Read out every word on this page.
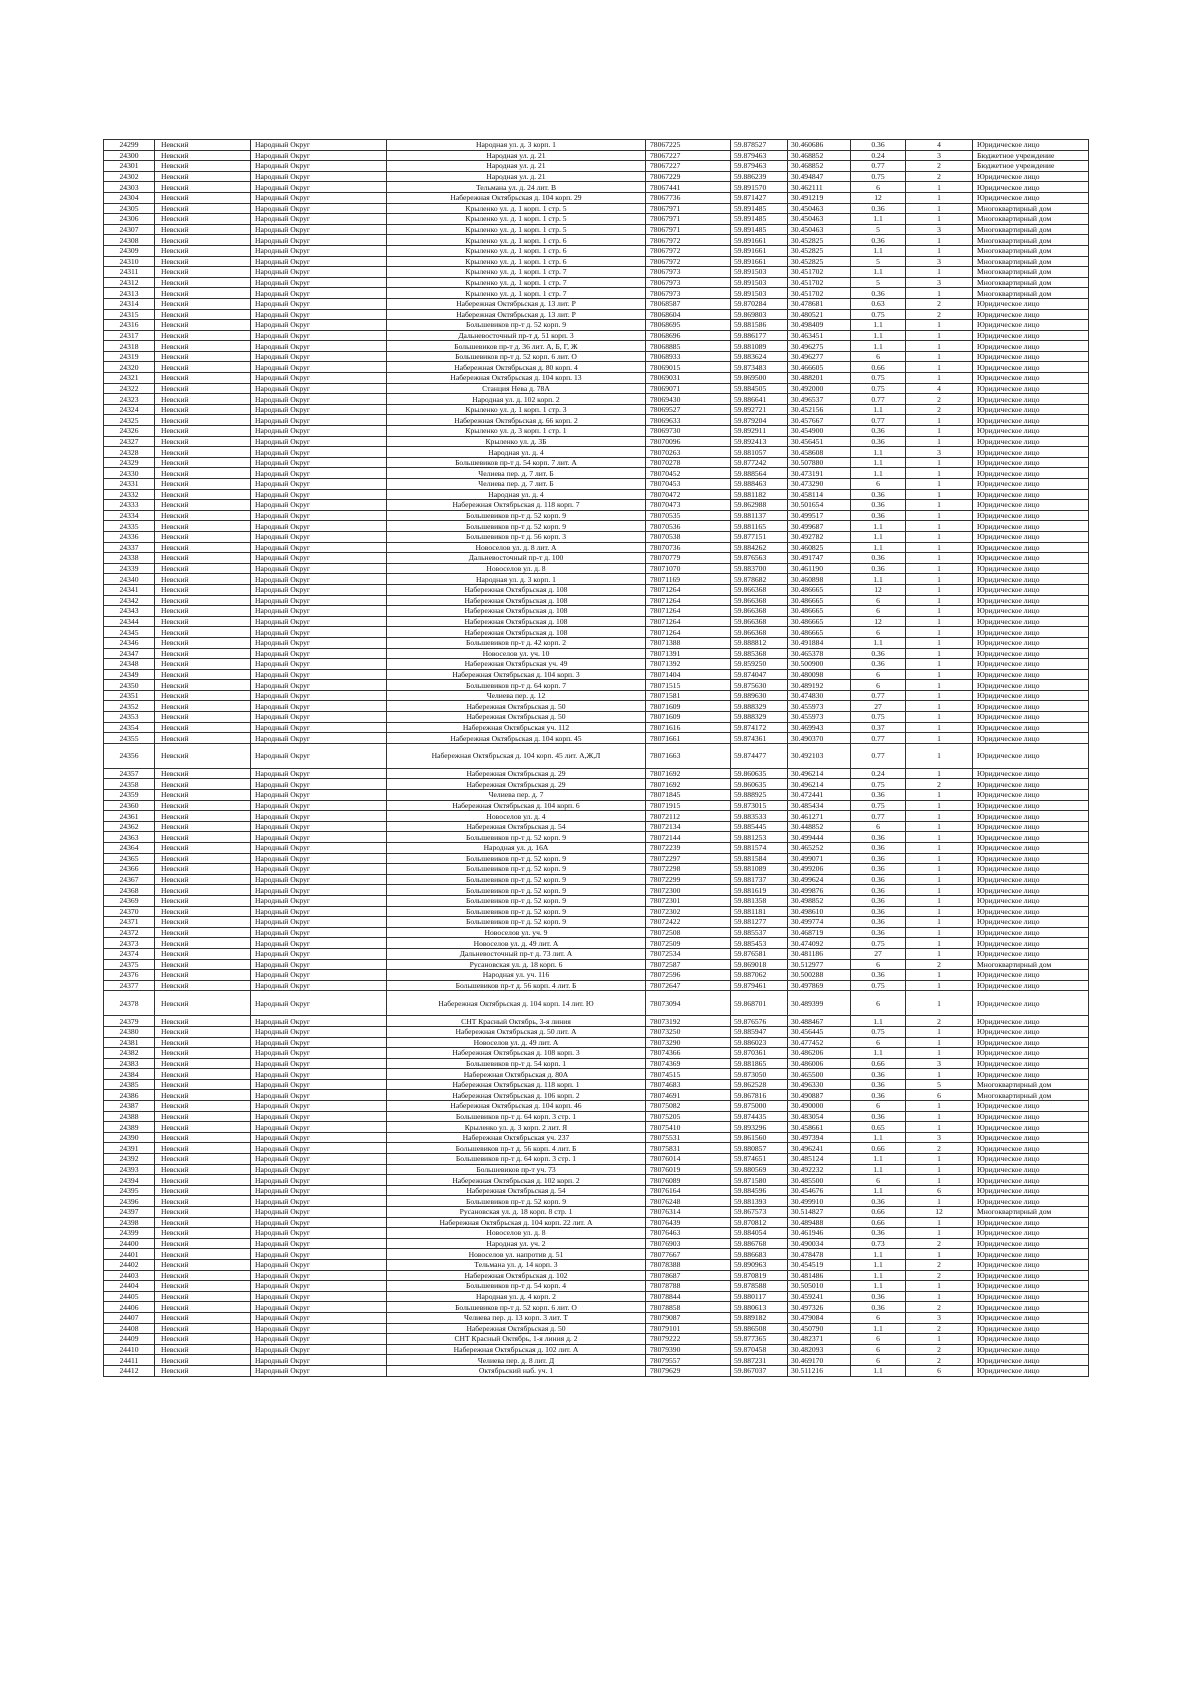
24299	Невский	Народный Округ	Народная ул. д. 3 корп. 1	78067225	59.878527	30.460686	0.36	4	Юридическое лицо
24300	Невский	Народный Округ	Народная ул. д. 21	78067227	59.879463	30.468852	0.24	3	Бюджетное учреждение
24301	Невский	Народный Округ	Народная ул. д. 21	78067227	59.879463	30.468852	0.77	2	Бюджетное учреждение
24302	Невский	Народный Округ	Народная ул. д. 21	78067229	59.886239	30.494847	0.75	2	Юридическое лицо
24303	Невский	Народный Округ	Тельмана ул. д. 24 лит. В	78067441	59.891570	30.462111	6	1	Юридическое лицо
24304	Невский	Народный Округ	Набережная Октябрьская д. 104 корп. 29	78067736	59.871427	30.491219	12	1	Юридическое лицо
24305	Невский	Народный Округ	Крыленко ул. д. 1 корп. 1 стр. 5	78067971	59.891485	30.450463	0.36	1	Многоквартирный дом
24306	Невский	Народный Округ	Крыленко ул. д. 1 корп. 1 стр. 5	78067971	59.891485	30.450463	1.1	1	Многоквартирный дом
24307	Невский	Народный Округ	Крыленко ул. д. 1 корп. 1 стр. 5	78067971	59.891485	30.450463	5	3	Многоквартирный дом
24308	Невский	Народный Округ	Крыленко ул. д. 1 корп. 1 стр. 6	78067972	59.891661	30.452825	0.36	1	Многоквартирный дом
24309	Невский	Народный Округ	Крыленко ул. д. 1 корп. 1 стр. 6	78067972	59.891661	30.452825	1.1	1	Многоквартирный дом
24310	Невский	Народный Округ	Крыленко ул. д. 1 корп. 1 стр. 6	78067972	59.891661	30.452825	5	3	Многоквартирный дом
24311	Невский	Народный Округ	Крыленко ул. д. 1 корп. 1 стр. 7	78067973	59.891503	30.451702	1.1	1	Многоквартирный дом
24312	Невский	Народный Округ	Крыленко ул. д. 1 корп. 1 стр. 7	78067973	59.891503	30.451702	5	3	Многоквартирный дом
24313	Невский	Народный Округ	Крыленко ул. д. 1 корп. 1 стр. 7	78067973	59.891503	30.451702	0.36	1	Многоквартирный дом
24314	Невский	Народный Округ	Набережная Октябрьская д. 13 лит. Р	78068587	59.870284	30.478681	0.63	2	Юридическое лицо
24315	Невский	Народный Округ	Набережная Октябрьская д. 13 лит. Р	78068604	59.869803	30.480521	0.75	2	Юридическое лицо
24316	Невский	Народный Округ	Большевиков пр-т д. 52 корп. 9	78068695	59.881586	30.498409	1.1	1	Юридическое лицо
24317	Невский	Народный Округ	Дальневосточный пр-т д. 51 корп. 3	78068696	59.886177	30.463451	1.1	1	Юридическое лицо
24318	Невский	Народный Округ	Большевиков пр-т д. 36 лит. А, Б, Г, Ж	78068885	59.881089	30.496275	1.1	1	Юридическое лицо
24319	Невский	Народный Округ	Большевиков пр-т д. 52 корп. 6 лит. О	78068933	59.883624	30.496277	6	1	Юридическое лицо
24320	Невский	Народный Округ	Набережная Октябрьская д. 80 корп. 4	78069015	59.873483	30.466605	0.66	1	Юридическое лицо
24321	Невский	Народный Округ	Набережная Октябрьская д. 104 корп. 13	78069031	59.869500	30.488201	0.75	1	Юридическое лицо
24322	Невский	Народный Округ	Станция Нева д. 78А	78069071	59.884505	30.492000	0.75	4	Юридическое лицо
24323	Невский	Народный Округ	Народная ул. д. 102 корп. 2	78069430	59.886641	30.496537	0.77	2	Юридическое лицо
24324	Невский	Народный Округ	Крыленко ул. д. 1 корп. 1 стр. 3	78069527	59.892721	30.452156	1.1	2	Юридическое лицо
24325	Невский	Народный Округ	Набережная Октябрьская д. 66 корп. 2	78069633	59.879204	30.457667	0.77	1	Юридическое лицо
24326	Невский	Народный Округ	Крыленко ул. д. 3 корп. 1 стр. 1	78069730	59.892911	30.454900	0.36	1	Юридическое лицо
24327	Невский	Народный Округ	Крыленко ул. д. 3Б	78070096	59.892413	30.456451	0.36	1	Юридическое лицо
24328	Невский	Народный Округ	Народная ул. д. 4	78070263	59.881057	30.458608	1.1	3	Юридическое лицо
24329	Невский	Народный Округ	Большевиков пр-т д. 54 корп. 7 лит. А	78070278	59.877242	30.507880	1.1	1	Юридическое лицо
24330	Невский	Народный Округ	Челиева пер. д. 7 лит. Б	78070452	59.888564	30.473191	1.1	1	Юридическое лицо
24331	Невский	Народный Округ	Челиева пер. д. 7 лит. Б	78070453	59.888463	30.473290	6	1	Юридическое лицо
24332	Невский	Народный Округ	Народная ул. д. 4	78070472	59.881182	30.458114	0.36	1	Юридическое лицо
24333	Невский	Народный Округ	Набережная Октябрьская д. 118 корп. 7	78070473	59.862988	30.501654	0.36	1	Юридическое лицо
24334	Невский	Народный Округ	Большевиков пр-т д. 52 корп. 9	78070535	59.881137	30.499517	0.36	1	Юридическое лицо
24335	Невский	Народный Округ	Большевиков пр-т д. 52 корп. 9	78070536	59.881165	30.499687	1.1	1	Юридическое лицо
24336	Невский	Народный Округ	Большевиков пр-т д. 56 корп. 3	78070538	59.877151	30.492782	1.1	1	Юридическое лицо
24337	Невский	Народный Округ	Новоселов ул. д. 8 лит. А	78070736	59.884262	30.460825	1.1	1	Юридическое лицо
24338	Невский	Народный Округ	Дальневосточный пр-т д. 100	78070779	59.876563	30.491747	0.36	1	Юридическое лицо
24339	Невский	Народный Округ	Новоселов ул. д. 8	78071070	59.883700	30.461190	0.36	1	Юридическое лицо
24340	Невский	Народный Округ	Народная ул. д. 3 корп. 1	78071169	59.878682	30.460898	1.1	1	Юридическое лицо
24341	Невский	Народный Округ	Набережная Октябрьская д. 108	78071264	59.866368	30.486665	12	1	Юридическое лицо
24342	Невский	Народный Округ	Набережная Октябрьская д. 108	78071264	59.866368	30.486665	6	1	Юридическое лицо
24343	Невский	Народный Округ	Набережная Октябрьская д. 108	78071264	59.866368	30.486665	6	1	Юридическое лицо
24344	Невский	Народный Округ	Набережная Октябрьская д. 108	78071264	59.866368	30.486665	12	1	Юридическое лицо
24345	Невский	Народный Округ	Набережная Октябрьская д. 108	78071264	59.866368	30.486665	6	1	Юридическое лицо
24346	Невский	Народный Округ	Большевиков пр-т д. 42 корп. 2	78071388	59.888812	30.491884	1.1	1	Юридическое лицо
24347	Невский	Народный Округ	Новоселов ул. уч. 10	78071391	59.885368	30.465378	0.36	1	Юридическое лицо
24348	Невский	Народный Округ	Набережная Октябрьская уч. 49	78071392	59.859250	30.500900	0.36	1	Юридическое лицо
24349	Невский	Народный Округ	Набережная Октябрьская д. 104 корп. 3	78071404	59.874047	30.480098	6	1	Юридическое лицо
24350	Невский	Народный Округ	Большевиков пр-т д. 64 корп. 7	78071515	59.875630	30.489192	6	1	Юридическое лицо
24351	Невский	Народный Округ	Челиева пер. д. 12	78071581	59.889630	30.474830	0.77	1	Юридическое лицо
24352	Невский	Народный Округ	Набережная Октябрьская д. 50	78071609	59.888329	30.455973	27	1	Юридическое лицо
24353	Невский	Народный Округ	Набережная Октябрьская д. 50	78071609	59.888329	30.455973	0.75	1	Юридическое лицо
24354	Невский	Народный Округ	Набережная Октябрьская уч. 112	78071616	59.874172	30.469943	0.37	1	Юридическое лицо
24355	Невский	Народный Округ	Набережная Октябрьская д. 104 корп. 45	78071661	59.874361	30.490370	0.77	1	Юридическое лицо
24356	Невский	Народный Округ	Набережная Октябрьская д. 104 корп. 45 лит. А,Ж,Л	78071663	59.874477	30.492103	0.77	1	Юридическое лицо
24357	Невский	Народный Округ	Набережная Октябрьская д. 29	78071692	59.860635	30.496214	0.24	1	Юридическое лицо
24358	Невский	Народный Округ	Набережная Октябрьская д. 29	78071692	59.860635	30.496214	0.75	2	Юридическое лицо
24359	Невский	Народный Округ	Челиева пер. д. 7	78071845	59.888925	30.472441	0.36	1	Юридическое лицо
24360	Невский	Народный Округ	Набережная Октябрьская д. 104 корп. 6	78071915	59.873015	30.485434	0.75	1	Юридическое лицо
24361	Невский	Народный Округ	Новоселов ул. д. 4	78072112	59.883533	30.461271	0.77	1	Юридическое лицо
24362	Невский	Народный Округ	Набережная Октябрьская д. 54	78072134	59.885445	30.448852	6	1	Юридическое лицо
24363	Невский	Народный Округ	Большевиков пр-т д. 52 корп. 9	78072144	59.881253	30.499444	0.36	1	Юридическое лицо
24364	Невский	Народный Округ	Народная ул. д. 16А	78072239	59.881574	30.465252	0.36	1	Юридическое лицо
24365	Невский	Народный Округ	Большевиков пр-т д. 52 корп. 9	78072297	59.881584	30.499071	0.36	1	Юридическое лицо
24366	Невский	Народный Округ	Большевиков пр-т д. 52 корп. 9	78072298	59.881089	30.499206	0.36	1	Юридическое лицо
24367	Невский	Народный Округ	Большевиков пр-т д. 52 корп. 9	78072299	59.881737	30.499624	0.36	1	Юридическое лицо
24368	Невский	Народный Округ	Большевиков пр-т д. 52 корп. 9	78072300	59.881619	30.499876	0.36	1	Юридическое лицо
24369	Невский	Народный Округ	Большевиков пр-т д. 52 корп. 9	78072301	59.881358	30.498852	0.36	1	Юридическое лицо
24370	Невский	Народный Округ	Большевиков пр-т д. 52 корп. 9	78072302	59.881181	30.498610	0.36	1	Юридическое лицо
24371	Невский	Народный Округ	Большевиков пр-т д. 52 корп. 9	78072422	59.881277	30.499774	0.36	1	Юридическое лицо
24372	Невский	Народный Округ	Новоселов ул. уч. 9	78072508	59.885537	30.468719	0.36	1	Юридическое лицо
24373	Невский	Народный Округ	Новоселов ул. д. 49 лит. А	78072509	59.885453	30.474092	0.75	1	Юридическое лицо
24374	Невский	Народный Округ	Дальневосточный пр-т д. 73 лит. А	78072534	59.876581	30.481186	27	1	Юридическое лицо
24375	Невский	Народный Округ	Русановская ул. д. 18 корп. 6	78072587	59.869018	30.512977	6	2	Многоквартирный дом
24376	Невский	Народный Округ	Народная ул. уч. 116	78072596	59.887062	30.500288	0.36	1	Юридическое лицо
24377	Невский	Народный Округ	Большевиков пр-т д. 56 корп. 4 лит. Б	78072647	59.879461	30.497869	0.75	1	Юридическое лицо
24378	Невский	Народный Округ	Набережная Октябрьская д. 104 корп. 14 лит. Ю	78073094	59.868701	30.489399	6	1	Юридическое лицо
24379	Невский	Народный Округ	СНТ Красный Октябрь, 3-я линия	78073192	59.876576	30.488467	1.1	2	Юридическое лицо
24380	Невский	Народный Округ	Набережная Октябрьская д. 50 лит. А	78073250	59.885947	30.456445	0.75	1	Юридическое лицо
24381	Невский	Народный Округ	Новоселов ул. д. 49 лит. А	78073290	59.886023	30.477452	6	1	Юридическое лицо
24382	Невский	Народный Округ	Набережная Октябрьская д. 108 корп. 3	78074366	59.870361	30.486206	1.1	1	Юридическое лицо
24383	Невский	Народный Округ	Большевиков пр-т д. 54 корп. 1	78074369	59.881865	30.486006	0.66	3	Юридическое лицо
24384	Невский	Народный Округ	Набережная Октябрьская д. 80А	78074515	59.873050	30.465500	0.36	1	Юридическое лицо
24385	Невский	Народный Округ	Набережная Октябрьская д. 118 корп. 1	78074683	59.862528	30.496330	0.36	5	Многоквартирный дом
24386	Невский	Народный Округ	Набережная Октябрьская д. 106 корп. 2	78074691	59.867816	30.490887	0.36	6	Многоквартирный дом
24387	Невский	Народный Округ	Набережная Октябрьская д. 104 корп. 46	78075082	59.875000	30.490000	6	1	Юридическое лицо
24388	Невский	Народный Округ	Большевиков пр-т д. 64 корп. 3 стр. 1	78075205	59.874435	30.483054	0.36	1	Юридическое лицо
24389	Невский	Народный Округ	Крыленко ул. д. 3 корп. 2 лит. Я	78075410	59.893296	30.458661	0.65	1	Юридическое лицо
24390	Невский	Народный Округ	Набережная Октябрьская уч. 237	78075531	59.861560	30.497394	1.1	3	Юридическое лицо
24391	Невский	Народный Округ	Большевиков пр-т д. 56 корп. 4 лит. Б	78075831	59.880857	30.496241	0.66	2	Юридическое лицо
24392	Невский	Народный Округ	Большевиков пр-т д. 64 корп. 3 стр. 1	78076014	59.874651	30.485124	1.1	1	Юридическое лицо
24393	Невский	Народный Округ	Большевиков пр-т уч. 73	78076019	59.880569	30.492232	1.1	1	Юридическое лицо
24394	Невский	Народный Округ	Набережная Октябрьская д. 102 корп. 2	78076089	59.871580	30.485500	6	1	Юридическое лицо
24395	Невский	Народный Округ	Набережная Октябрьская д. 54	78076164	59.884596	30.454676	1.1	6	Юридическое лицо
24396	Невский	Народный Округ	Большевиков пр-т д. 52 корп. 9	78076248	59.881393	30.499910	0.36	1	Юридическое лицо
24397	Невский	Народный Округ	Русановская ул. д. 18 корп. 8 стр. 1	78076314	59.867573	30.514827	0.66	12	Многоквартирный дом
24398	Невский	Народный Округ	Набережная Октябрьская д. 104 корп. 22 лит. А	78076439	59.870812	30.489488	0.66	1	Юридическое лицо
24399	Невский	Народный Округ	Новоселов ул. д. 8	78076463	59.884054	30.461946	0.36	1	Юридическое лицо
24400	Невский	Народный Округ	Народная ул. уч. 2	78076903	59.886768	30.490034	0.73	2	Юридическое лицо
24401	Невский	Народный Округ	Новоселов ул. напротив д. 51	78077667	59.886683	30.478478	1.1	1	Юридическое лицо
24402	Невский	Народный Округ	Тельмана ул. д. 14 корп. 3	78078388	59.890963	30.454519	1.1	2	Юридическое лицо
24403	Невский	Народный Округ	Набережная Октябрьская д. 102	78078687	59.870819	30.481486	1.1	2	Юридическое лицо
24404	Невский	Народный Округ	Большевиков пр-т д. 54 корп. 4	78078788	59.878588	30.505010	1.1	1	Юридическое лицо
24405	Невский	Народный Округ	Народная ул. д. 4 корп. 2	78078844	59.880117	30.459241	0.36	1	Юридическое лицо
24406	Невский	Народный Округ	Большевиков пр-т д. 52 корп. 6 лит. О	78078858	59.880613	30.497326	0.36	2	Юридическое лицо
24407	Невский	Народный Округ	Челиева пер. д. 13 корп. 3 лит. Т	78079087	59.889182	30.479084	6	3	Юридическое лицо
24408	Невский	Народный Округ	Набережная Октябрьская д. 50	78079101	59.886508	30.450790	1.1	2	Юридическое лицо
24409	Невский	Народный Округ	СНТ Красный Октябрь, 1-я линия д. 2	78079222	59.877365	30.482371	6	1	Юридическое лицо
24410	Невский	Народный Округ	Набережная Октябрьская д. 102 лит. А	78079390	59.870458	30.482093	6	2	Юридическое лицо
24411	Невский	Народный Округ	Челиева пер. д. 8 лит. Д	78079557	59.887231	30.469170	6	2	Юридическое лицо
24412	Невский	Народный Округ	Октябрьский наб. уч. 1	78079629	59.867037	30.511216	1.1	6	Юридическое лицо
